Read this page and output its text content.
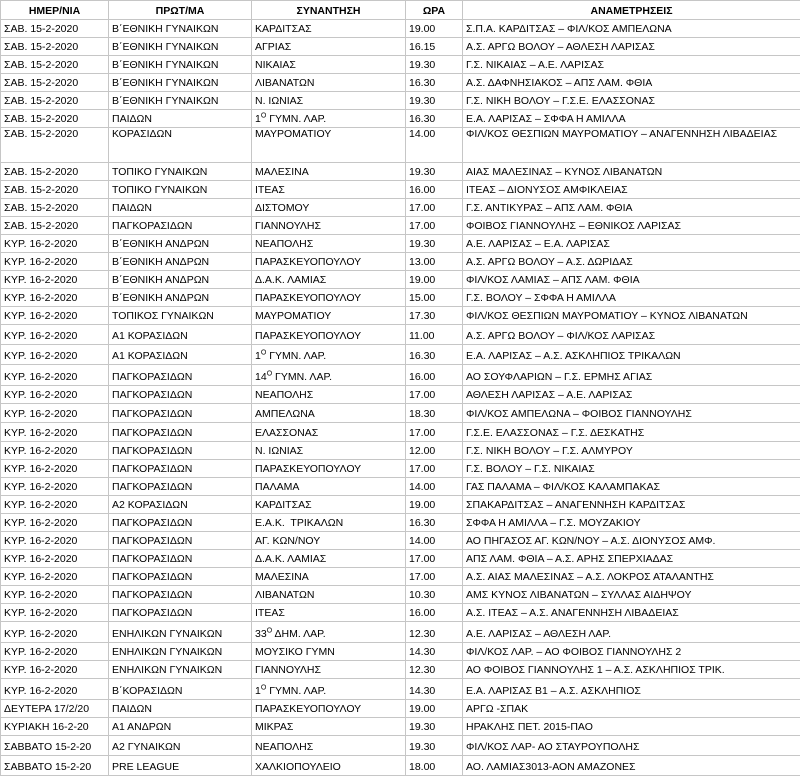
ΗΜΕΡ/ΝΙΑ	ΠΡΩΤ/ΜΑ	ΣΥΝΑΝΤΗΣΗ	ΩΡΑ	ΑΝΑΜΕΤΡΗΣΕΙΣ
ΣΑΒ. 15-2-2020	Β΄ΕΘΝΙΚΗ ΓΥΝΑΙΚΩΝ	ΚΑΡΔΙΤΣΑΣ	19.00	Σ.Π.Α. ΚΑΡΔΙΤΣΑΣ – ΦΙΛ/ΚΟΣ ΑΜΠΕΛΩΝΑ
ΣΑΒ. 15-2-2020	Β΄ΕΘΝΙΚΗ ΓΥΝΑΙΚΩΝ	ΑΓΡΙΑΣ	16.15	Α.Σ. ΑΡΓΩ ΒΟΛΟΥ – ΑΘΛΕΣΗ ΛΑΡΙΣΑΣ
ΣΑΒ. 15-2-2020	Β΄ΕΘΝΙΚΗ ΓΥΝΑΙΚΩΝ	ΝΙΚΑΙΑΣ	19.30	Γ.Σ. ΝΙΚΑΙΑΣ – Α.Ε. ΛΑΡΙΣΑΣ
ΣΑΒ. 15-2-2020	Β΄ΕΘΝΙΚΗ ΓΥΝΑΙΚΩΝ	ΛΙΒΑΝΑΤΩΝ	16.30	Α.Σ. ΔΑΦΝΗΣΙΑΚΟΣ – ΑΠΣ ΛΑΜ. ΦΘΙΑ
ΣΑΒ. 15-2-2020	Β΄ΕΘΝΙΚΗ ΓΥΝΑΙΚΩΝ	Ν. ΙΩΝΙΑΣ	19.30	Γ.Σ. ΝΙΚΗ ΒΟΛΟΥ – Γ.Σ.Ε. ΕΛΑΣΣΟΝΑΣ
ΣΑΒ. 15-2-2020	ΠΑΙΔΩΝ	$1^O$ ΓΥΜΝ. ΛΑΡ.	16.30	Ε.Α. ΛΑΡΙΣΑΣ – ΣΦΦΑ Η ΑΜΙΛΛΑ
ΣΑΒ. 15-2-2020	ΚΟΡΑΣΙΔΩΝ	ΜΑΥΡΟΜΑΤΙΟΥ	14.00	ΦΙΛ/ΚΟΣ ΘΕΣΠΙΩΝ ΜΑΥΡΟΜΑΤΙΟΥ – ΑΝΑΓΕΝΝΗΣΗ ΛΙΒΑΔΕΙΑΣ
ΣΑΒ. 15-2-2020	ΤΟΠΙΚΟ ΓΥΝΑΙΚΩΝ	ΜΑΛΕΣΙΝΑ	19.30	ΑΙΑΣ ΜΑΛΕΣΙΝΑΣ – ΚΥΝΟΣ ΛΙΒΑΝΑΤΩΝ
ΣΑΒ. 15-2-2020	ΤΟΠΙΚΟ ΓΥΝΑΙΚΩΝ	ΙΤΕΑΣ	16.00	ΙΤΕΑΣ – ΔΙΟΝΥΣΟΣ ΑΜΦΙΚΛΕΙΑΣ
ΣΑΒ. 15-2-2020	ΠΑΙΔΩΝ	ΔΙΣΤΟΜΟΥ	17.00	Γ.Σ. ΑΝΤΙΚΥΡΑΣ – ΑΠΣ ΛΑΜ. ΦΘΙΑ
ΣΑΒ. 15-2-2020	ΠΑΓΚΟΡΑΣΙΔΩΝ	ΓΙΑΝΝΟΥΛΗΣ	17.00	ΦΟΙΒΟΣ ΓΙΑΝΝΟΥΛΗΣ – ΕΘΝΙΚΟΣ ΛΑΡΙΣΑΣ
ΚΥΡ. 16-2-2020	Β΄ΕΘΝΙΚΗ ΑΝΔΡΩΝ	ΝΕΑΠΟΛΗΣ	19.30	Α.Ε. ΛΑΡΙΣΑΣ – Ε.Α. ΛΑΡΙΣΑΣ
ΚΥΡ. 16-2-2020	Β΄ΕΘΝΙΚΗ ΑΝΔΡΩΝ	ΠΑΡΑΣΚΕΥΟΠΟΥΛΟΥ	13.00	Α.Σ. ΑΡΓΩ ΒΟΛΟΥ – Α.Σ. ΔΩΡΙΔΑΣ
ΚΥΡ. 16-2-2020	Β΄ΕΘΝΙΚΗ ΑΝΔΡΩΝ	Δ.Α.Κ. ΛΑΜΙΑΣ	19.00	ΦΙΛ/ΚΟΣ ΛΑΜΙΑΣ – ΑΠΣ ΛΑΜ. ΦΘΙΑ
ΚΥΡ. 16-2-2020	Β΄ΕΘΝΙΚΗ ΑΝΔΡΩΝ	ΠΑΡΑΣΚΕΥΟΠΟΥΛΟΥ	15.00	Γ.Σ. ΒΟΛΟΥ – ΣΦΦΑ Η ΑΜΙΛΛΑ
ΚΥΡ. 16-2-2020	ΤΟΠΙΚΟΣ ΓΥΝΑΙΚΩΝ	ΜΑΥΡΟΜΑΤΙΟΥ	17.30	ΦΙΛ/ΚΟΣ ΘΕΣΠΙΩΝ ΜΑΥΡΟΜΑΤΙΟΥ – ΚΥΝΟΣ ΛΙΒΑΝΑΤΩΝ
ΚΥΡ. 16-2-2020	Α1 ΚΟΡΑΣΙΔΩΝ	ΠΑΡΑΣΚΕΥΟΠΟΥΛΟΥ	11.00	Α.Σ. ΑΡΓΩ ΒΟΛΟΥ – ΦΙΛ/ΚΟΣ ΛΑΡΙΣΑΣ
ΚΥΡ. 16-2-2020	Α1 ΚΟΡΑΣΙΔΩΝ	$1^O$ ΓΥΜΝ. ΛΑΡ.	16.30	Ε.Α. ΛΑΡΙΣΑΣ – Α.Σ. ΑΣΚΛΗΠΙΟΣ ΤΡΙΚΑΛΩΝ
ΚΥΡ. 16-2-2020	ΠΑΓΚΟΡΑΣΙΔΩΝ	$14^O$ ΓΥΜΝ. ΛΑΡ.	16.00	ΑΟ ΣΟΥΦΛΑΡΙΩΝ – Γ.Σ. ΕΡΜΗΣ ΑΓΙΑΣ
ΚΥΡ. 16-2-2020	ΠΑΓΚΟΡΑΣΙΔΩΝ	ΝΕΑΠΟΛΗΣ	17.00	ΑΘΛΕΣΗ ΛΑΡΙΣΑΣ – Α.Ε. ΛΑΡΙΣΑΣ
ΚΥΡ. 16-2-2020	ΠΑΓΚΟΡΑΣΙΔΩΝ	ΑΜΠΕΛΩΝΑ	18.30	ΦΙΛ/ΚΟΣ ΑΜΠΕΛΩΝΑ – ΦΟΙΒΟΣ ΓΙΑΝΝΟΥΛΗΣ
ΚΥΡ. 16-2-2020	ΠΑΓΚΟΡΑΣΙΔΩΝ	ΕΛΑΣΣΟΝΑΣ	17.00	Γ.Σ.Ε. ΕΛΑΣΣΟΝΑΣ – Γ.Σ. ΔΕΣΚΑΤΗΣ
ΚΥΡ. 16-2-2020	ΠΑΓΚΟΡΑΣΙΔΩΝ	Ν. ΙΩΝΙΑΣ	12.00	Γ.Σ. ΝΙΚΗ ΒΟΛΟΥ – Γ.Σ. ΑΛΜΥΡΟΥ
ΚΥΡ. 16-2-2020	ΠΑΓΚΟΡΑΣΙΔΩΝ	ΠΑΡΑΣΚΕΥΟΠΟΥΛΟΥ	17.00	Γ.Σ. ΒΟΛΟΥ – Γ.Σ. ΝΙΚΑΙΑΣ
ΚΥΡ. 16-2-2020	ΠΑΓΚΟΡΑΣΙΔΩΝ	ΠΑΛΑΜΑ	14.00	ΓΑΣ ΠΑΛΑΜΑ – ΦΙΛ/ΚΟΣ ΚΑΛΑΜΠΑΚΑΣ
ΚΥΡ. 16-2-2020	Α2 ΚΟΡΑΣΙΔΩΝ	ΚΑΡΔΙΤΣΑΣ	19.00	ΣΠΑΚΑΡΔΙΤΣΑΣ – ΑΝΑΓΕΝΝΗΣΗ ΚΑΡΔΙΤΣΑΣ
ΚΥΡ. 16-2-2020	ΠΑΓΚΟΡΑΣΙΔΩΝ	Ε.Α.Κ.  ΤΡΙΚΑΛΩΝ	16.30	ΣΦΦΑ Η ΑΜΙΛΛΑ – Γ.Σ. ΜΟΥΖΑΚΙΟΥ
ΚΥΡ. 16-2-2020	ΠΑΓΚΟΡΑΣΙΔΩΝ	ΑΓ. ΚΩΝ/ΝΟΥ	14.00	ΑΟ ΠΗΓΑΣΟΣ ΑΓ. ΚΩΝ/ΝΟΥ – Α.Σ. ΔΙΟΝΥΣΟΣ ΑΜΦ.
ΚΥΡ. 16-2-2020	ΠΑΓΚΟΡΑΣΙΔΩΝ	Δ.Α.Κ. ΛΑΜΙΑΣ	17.00	ΑΠΣ ΛΑΜ. ΦΘΙΑ – Α.Σ. ΑΡΗΣ ΣΠΕΡΧΙΑΔΑΣ
ΚΥΡ. 16-2-2020	ΠΑΓΚΟΡΑΣΙΔΩΝ	ΜΑΛΕΣΙΝΑ	17.00	Α.Σ. ΑΙΑΣ ΜΑΛΕΣΙΝΑΣ – Α.Σ. ΛΟΚΡΟΣ ΑΤΑΛΑΝΤΗΣ
ΚΥΡ. 16-2-2020	ΠΑΓΚΟΡΑΣΙΔΩΝ	ΛΙΒΑΝΑΤΩΝ	10.30	ΑΜΣ ΚΥΝΟΣ ΛΙΒΑΝΑΤΩΝ – ΣΥΛΛΑΣ ΑΙΔΗΨΟΥ
ΚΥΡ. 16-2-2020	ΠΑΓΚΟΡΑΣΙΔΩΝ	ΙΤΕΑΣ	16.00	Α.Σ. ΙΤΕΑΣ – Α.Σ. ΑΝΑΓΕΝΝΗΣΗ ΛΙΒΑΔΕΙΑΣ
ΚΥΡ. 16-2-2020	ΕΝΗΛΙΚΩΝ ΓΥΝΑΙΚΩΝ	$33^O$ ΔΗΜ. ΛΑΡ.	12.30	Α.Ε. ΛΑΡΙΣΑΣ – ΑΘΛΕΣΗ ΛΑΡ.
ΚΥΡ. 16-2-2020	ΕΝΗΛΙΚΩΝ ΓΥΝΑΙΚΩΝ	ΜΟΥΣΙΚΟ ΓΥΜΝ	14.30	ΦΙΛ/ΚΟΣ ΛΑΡ. – ΑΟ ΦΟΙΒΟΣ ΓΙΑΝΝΟΥΛΗΣ 2
ΚΥΡ. 16-2-2020	ΕΝΗΛΙΚΩΝ ΓΥΝΑΙΚΩΝ	ΓΙΑΝΝΟΥΛΗΣ	12.30	ΑΟ ΦΟΙΒΟΣ ΓΙΑΝΝΟΥΛΗΣ 1 – Α.Σ. ΑΣΚΛΗΠΙΟΣ ΤΡΙΚ.
ΚΥΡ. 16-2-2020	Β΄ΚΟΡΑΣΙΔΩΝ	$1^O$ ΓΥΜΝ. ΛΑΡ.	14.30	Ε.Α. ΛΑΡΙΣΑΣ Β1 – Α.Σ. ΑΣΚΛΗΠΙΟΣ
ΔΕΥΤΕΡΑ 17/2/20	ΠΑΙΔΩΝ	ΠΑΡΑΣΚΕΥΟΠΟΥΛΟΥ	19.00	ΑΡΓΩ -ΣΠΑΚ
ΚΥΡΙΑΚΗ 16-2-20	Α1 ΑΝΔΡΩΝ	ΜΙΚΡΑΣ	19.30	ΗΡΑΚΛΗΣ ΠΕΤ. 2015-ΠΑΟ
ΣΑΒΒΑΤΟ 15-2-20	Α2 ΓΥΝΑΙΚΩΝ	ΝΕΑΠΟΛΗΣ	19.30	ΦΙΛ/ΚΟΣ ΛΑΡ- ΑΟ ΣΤΑΥΡΟΥΠΟΛΗΣ
ΣΑΒΒΑΤΟ 15-2-20	PRE LEAGUE	ΧΑΛΚΙΟΠΟΥΛΕΙΟ	18.00	ΑΟ. ΛΑΜΙΑΣ3013-ΑΟΝ ΑΜΑΖΟΝΕΣ
